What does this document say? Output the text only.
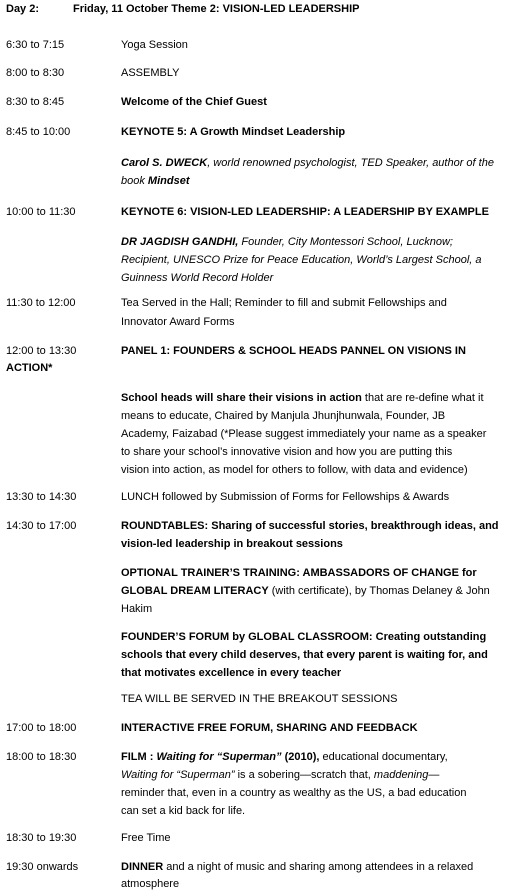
Day 2:	Friday, 11 October Theme 2: VISION-LED LEADERSHIP
6:30 to 7:15	Yoga Session
8:00 to 8:30	ASSEMBLY
8:30 to 8:45	Welcome of the Chief Guest
8:45 to 10:00	KEYNOTE 5: A Growth Mindset Leadership
Carol S. DWECK, world renowned psychologist, TED Speaker, author of the
book Mindset
10:00 to 11:30	KEYNOTE 6: VISION-LED LEADERSHIP: A LEADERSHIP BY EXAMPLE
DR JAGDISH GANDHI, Founder, City Montessori School, Lucknow;
Recipient, UNESCO Prize for Peace Education, World’s Largest School, a
Guinness World Record Holder
11:30 to 12:00	Tea Served in the Hall; Reminder to fill and submit Fellowships and
Innovator Award Forms
12:00 to 13:30	PANEL 1: FOUNDERS & SCHOOL HEADS PANNEL ON VISIONS IN
ACTION*
School heads will share their visions in action that are re-define what it
means to educate, Chaired by Manjula Jhunjhunwala, Founder, JB
Academy, Faizabad (*Please suggest immediately your name as a speaker
to share your school’s innovative vision and how you are putting this
vision into action, as model for others to follow, with data and evidence)
13:30 to 14:30	LUNCH followed by Submission of Forms for Fellowships & Awards
14:30 to 17:00	ROUNDTABLES: Sharing of successful stories, breakthrough ideas, and
vision-led leadership in breakout sessions
OPTIONAL TRAINER’S TRAINING: AMBASSADORS OF CHANGE for
GLOBAL DREAM LITERACY (with certificate), by Thomas Delaney & John
Hakim
FOUNDER’S FORUM by GLOBAL CLASSROOM: Creating outstanding
schools that every child deserves, that every parent is waiting for, and
that motivates excellence in every teacher
TEA WILL BE SERVED IN THE BREAKOUT SESSIONS
17:00 to 18:00	INTERACTIVE FREE FORUM, SHARING AND FEEDBACK
18:00 to 18:30	FILM : Waiting for “Superman” (2010), educational documentary,
Waiting for “Superman” is a sobering—scratch that, maddening—
reminder that, even in a country as wealthy as the US, a bad education
can set a kid back for life.
18:30 to 19:30	Free Time
19:30 onwards	DINNER and a night of music and sharing among attendees in a relaxed
atmosphere
